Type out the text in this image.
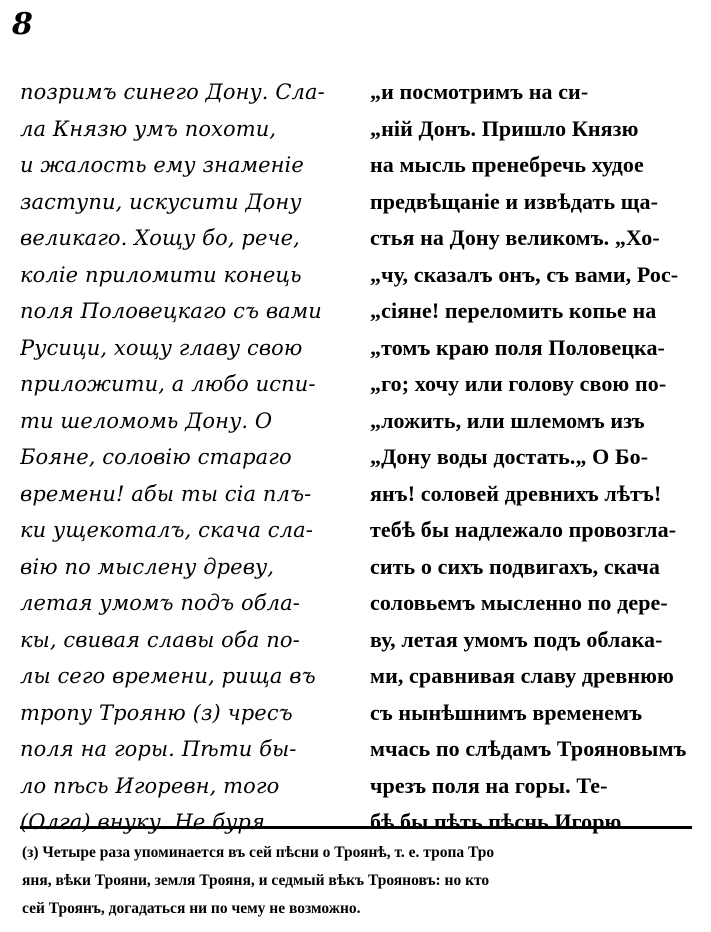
8
позримъ синего Дону. Сла-
ла Князю умъ похоти,
и жалость ему знаменіе
заступи, искусити Дону
великаго. Хощу бо, рече,
коліе приломити конець
поля Половецкаго съ вами
Русици, хощу главу свою
приложити, а любо испи-
ти шеломомь Дону. О
Бояне, соловію стараго
времени! абы ты сіа плъ-
ки ущекоталъ, скача сла-
вію по мыслену древу,
летая умомъ подъ обла-
кы, свивая славы оба по-
лы сего времени, рища въ
тропу Трояню (з) чресъ
поля на горы. Пѣти бы-
ло пѣсь Игоревн, того
(Олга) внуку. Не буря
„и посмотримъ на си-
„ній Донъ. Пришло Князю
на мысль пренебречь худое
предвѣщаніе и извѣдать ща-
стья на Дону великомъ. „Хо-
„чу, сказалъ онъ, съ вами, Рос-
„сіяне! переломить копье на
„томъ краю поля Половецка-
„го; хочу или голову свою по-
„ложить, или шлемомъ изъ
„Дону воды достать.„ О Бо-
янъ! соловей древнихъ лѣтъ!
тебѣ бы надлежало провозгла-
сить о сихъ подвигахъ, скача
соловьемъ мысленно по дере-
ву, летая умомъ подъ облака-
ми, сравнивая славу древнюю
съ нынѣшнимъ временемъ
мчась по слѣдамъ Трояновымъ
чрезъ поля на горы. Те-
бѣ бы пѣть пѣснь Игорю
(з) Четыре раза упоминается въ сей пѣсни о Троянѣ, т. е. тропа Тро
яня, вѣки Трояни, земля Трояня, и седмый вѣкъ Трояновъ: но кто
сей Троянъ, догадаться ни по чему не возможно.
